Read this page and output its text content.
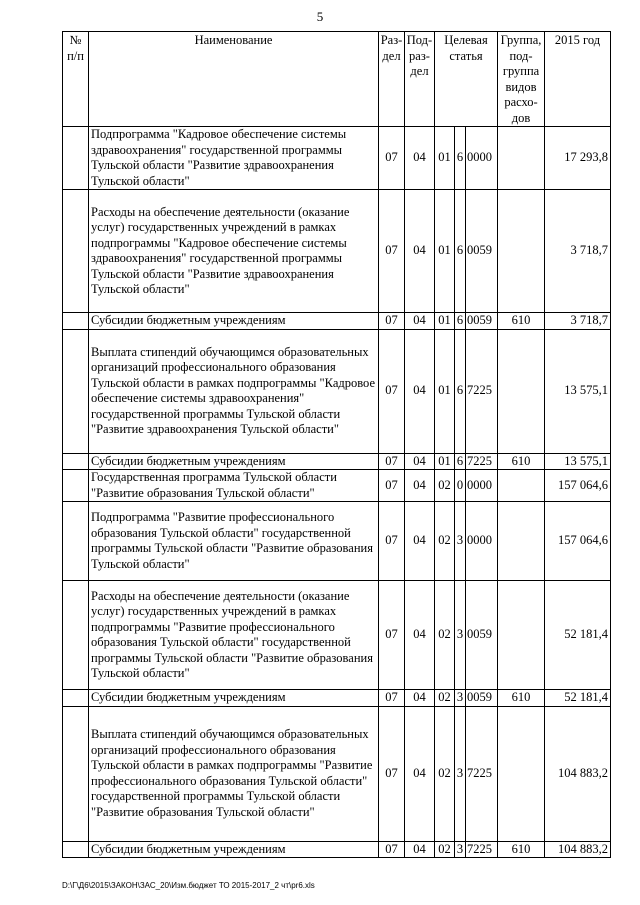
5
№ п/п	Наименование	Раз- дел	Под- раз- дел	Целевая статья			Группа, под- группа видов расхо- дов	2015 год

	Подпрограмма "Кадровое обеспечение системы здравоохранения" государственной программы Тульской области "Развитие здравоохранения Тульской области"	07	04	01	6	0000		17 293,8
	Расходы на обеспечение деятельности (оказание услуг) государственных учреждений в рамках подпрограммы "Кадровое обеспечение системы здравоохранения" государственной программы Тульской области "Развитие здравоохранения Тульской области"	07	04	01	6	0059		3 718,7
	Субсидии бюджетным учреждениям	07	04	01	6	0059	610	3 718,7
	Выплата стипендий обучающимся образовательных организаций профессионального образования Тульской области в рамках подпрограммы "Кадровое обеспечение системы здравоохранения" государственной программы Тульской области "Развитие здравоохранения Тульской области"	07	04	01	6	7225		13 575,1
	Субсидии бюджетным учреждениям	07	04	01	6	7225	610	13 575,1
	Государственная программа Тульской области "Развитие образования Тульской области"	07	04	02	0	0000		157 064,6
	Подпрограмма "Развитие профессионального образования Тульской области" государственной программы Тульской области "Развитие образования Тульской области"	07	04	02	3	0000		157 064,6
	Расходы на обеспечение деятельности (оказание услуг) государственных учреждений в рамках подпрограммы "Развитие профессионального образования Тульской области" государственной программы Тульской области "Развитие образования Тульской области"	07	04	02	3	0059		52 181,4
	Субсидии бюджетным учреждениям	07	04	02	3	0059	610	52 181,4
	Выплата стипендий обучающимся образовательных организаций профессионального образования Тульской области в рамках подпрограммы "Развитие профессионального образования Тульской области" государственной программы Тульской области "Развитие образования Тульской области"	07	04	02	3	7225		104 883,2
	Субсидии бюджетным учреждениям	07	04	02	3	7225	610	104 883,2
D:\Г\Д6\2015\ЗАКОН\ЗАС_20\Изм.бюджет ТО 2015-2017_2 чт\pr6.xls
